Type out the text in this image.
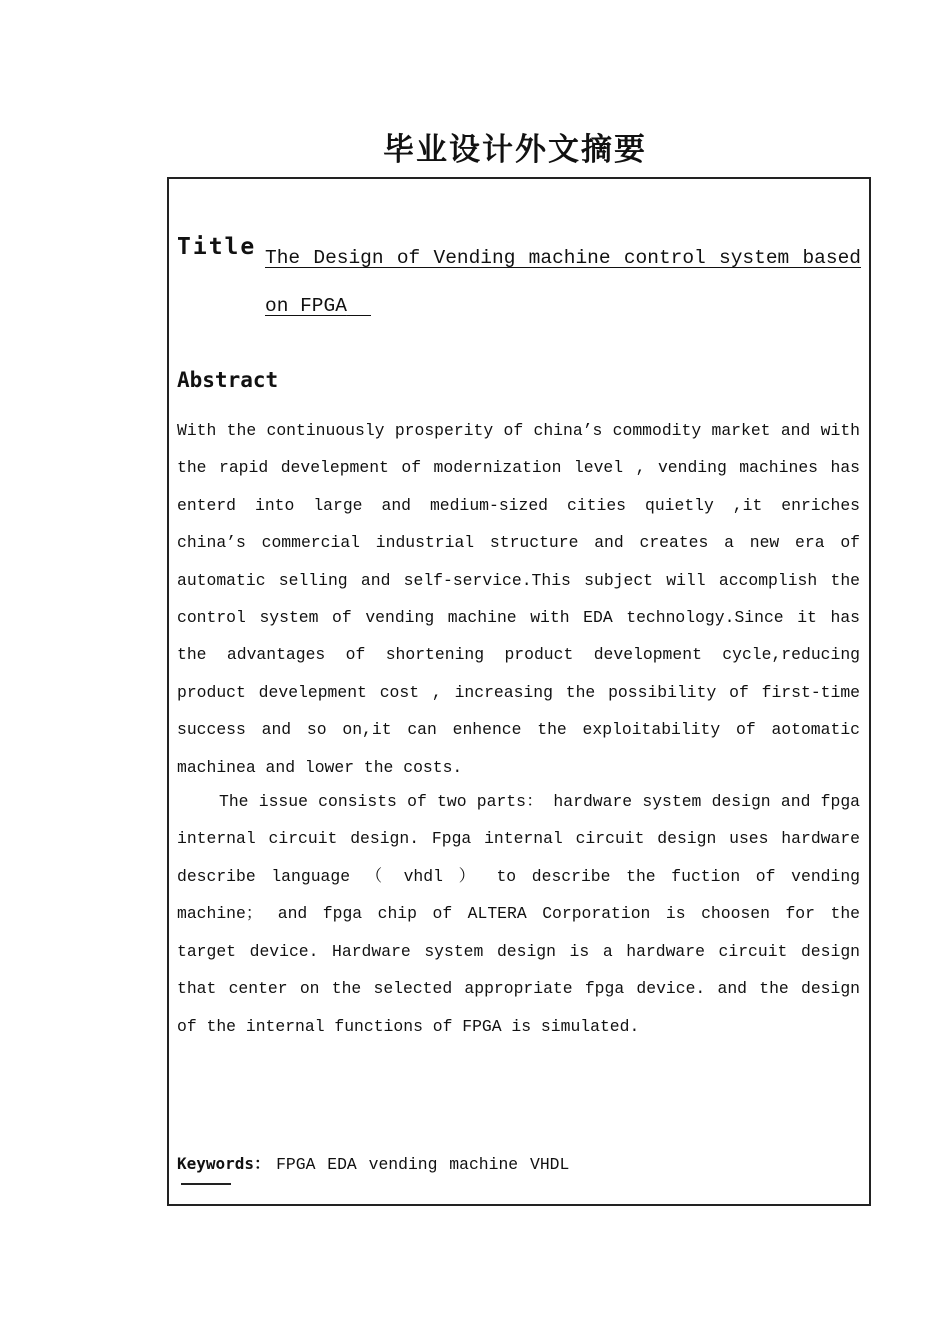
毕业设计外文摘要
Title The Design of Vending machine control system based on FPGA
Abstract

With the continuously prosperity of china’s commodity market and with the rapid develepment of modernization level , vending machines has enterd into large and medium-sized cities quietly ,it enriches china’s commercial industrial structure and creates a new era of automatic selling and self-service.This subject will accomplish the control system of vending machine with EDA technology.Since it has the advantages of shortening product development cycle,reducing product develepment cost , increasing the possibility of first-time success and so on,it can enhence the exploitability of aotomatic machinea and lower the costs.

The issue consists of two parts： hardware system design and fpga internal circuit design. Fpga internal circuit design uses hardware describe language （ vhdl ） to describe the fuction of vending machine； and fpga chip of ALTERA Corporation is choosen for the target device. Hardware system design is a hardware circuit design that center on the selected appropriate fpga device. and the design of the internal functions of FPGA is simulated.

Keywords： FPGA EDA vending machine VHDL
